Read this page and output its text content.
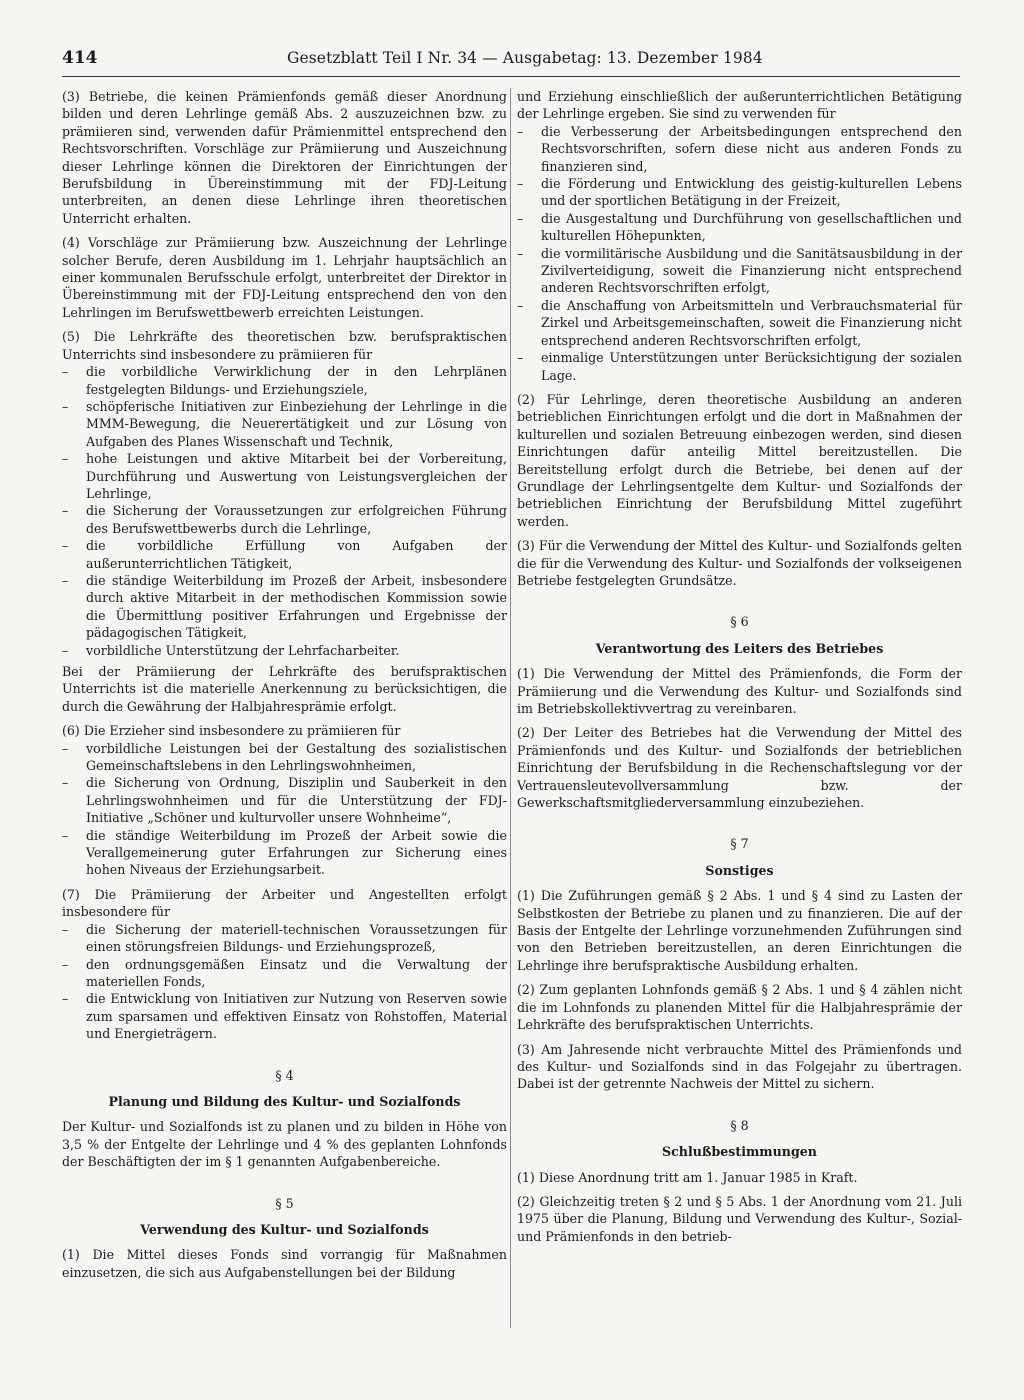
414	Gesetzblatt Teil I Nr. 34 — Ausgabetag: 13. Dezember 1984

(3) Betriebe, die keinen Prämienfonds gemäß dieser Anordnung bilden und deren Lehrlinge gemäß Abs. 2 auszuzeichnen bzw. zu prämiieren sind, verwenden dafür Prämienmittel entsprechend den Rechtsvorschriften. Vorschläge zur Prämiierung und Auszeichnung dieser Lehrlinge können die Direktoren der Einrichtungen der Berufsbildung in Übereinstimmung mit der FDJ-Leitung unterbreiten, an denen diese Lehrlinge ihren theoretischen Unterricht erhalten.

(4) Vorschläge zur Prämiierung bzw. Auszeichnung der Lehrlinge solcher Berufe, deren Ausbildung im 1. Lehrjahr hauptsächlich an einer kommunalen Berufsschule erfolgt, unterbreitet der Direktor in Übereinstimmung mit der FDJ-Leitung entsprechend den von den Lehrlingen im Berufswettbewerb erreichten Leistungen.

(5) Die Lehrkräfte des theoretischen bzw. berufspraktischen Unterrichts sind insbesondere zu prämiieren für

– die vorbildliche Verwirklichung der in den Lehrplänen festgelegten Bildungs- und Erziehungsziele,
– schöpferische Initiativen zur Einbeziehung der Lehrlinge in die MMM-Bewegung, die Neuerertätigkeit und zur Lösung von Aufgaben des Planes Wissenschaft und Technik,
– hohe Leistungen und aktive Mitarbeit bei der Vorbereitung, Durchführung und Auswertung von Leistungsvergleichen der Lehrlinge,
– die Sicherung der Voraussetzungen zur erfolgreichen Führung des Berufswettbewerbs durch die Lehrlinge,
– die vorbildliche Erfüllung von Aufgaben der außerunterrichtlichen Tätigkeit,
– die ständige Weiterbildung im Prozeß der Arbeit, insbesondere durch aktive Mitarbeit in der methodischen Kommission sowie die Übermittlung positiver Erfahrungen und Ergebnisse der pädagogischen Tätigkeit,
– vorbildliche Unterstützung der Lehrfacharbeiter.

Bei der Prämiierung der Lehrkräfte des berufspraktischen Unterrichts ist die materielle Anerkennung zu berücksichtigen, die durch die Gewährung der Halbjahresprämie erfolgt.

(6) Die Erzieher sind insbesondere zu prämiieren für

– vorbildliche Leistungen bei der Gestaltung des sozialistischen Gemeinschaftslebens in den Lehrlingswohnheimen,
– die Sicherung von Ordnung, Disziplin und Sauberkeit in den Lehrlingswohnheimen und für die Unterstützung der FDJ-Initiative „Schöner und kulturvoller unsere Wohnheime“,
– die ständige Weiterbildung im Prozeß der Arbeit sowie die Verallgemeinerung guter Erfahrungen zur Sicherung eines hohen Niveaus der Erziehungsarbeit.

(7) Die Prämiierung der Arbeiter und Angestellten erfolgt insbesondere für

– die Sicherung der materiell-technischen Voraussetzungen für einen störungsfreien Bildungs- und Erziehungsprozeß,
– den ordnungsgemäßen Einsatz und die Verwaltung der materiellen Fonds,
– die Entwicklung von Initiativen zur Nutzung von Reserven sowie zum sparsamen und effektiven Einsatz von Rohstoffen, Material und Energieträgern.
§ 4
Planung und Bildung des Kultur- und Sozialfonds

Der Kultur- und Sozialfonds ist zu planen und zu bilden in Höhe von 3,5 % der Entgelte der Lehrlinge und 4 % des geplanten Lohnfonds der Beschäftigten der im § 1 genannten Aufgabenbereiche.

§ 5
Verwendung des Kultur- und Sozialfonds

(1) Die Mittel dieses Fonds sind vorrangig für Maßnahmen einzusetzen, die sich aus Aufgabenstellungen bei der Bildung

und Erziehung einschließlich der außerunterrichtlichen Betätigung der Lehrlinge ergeben. Sie sind zu verwenden für

– die Verbesserung der Arbeitsbedingungen entsprechend den Rechtsvorschriften, sofern diese nicht aus anderen Fonds zu finanzieren sind,
– die Förderung und Entwicklung des geistig-kulturellen Lebens und der sportlichen Betätigung in der Freizeit,
– die Ausgestaltung und Durchführung von gesellschaftlichen und kulturellen Höhepunkten,
– die vormilitärische Ausbildung und die Sanitätsausbildung in der Zivilverteidigung, soweit die Finanzierung nicht entsprechend anderen Rechtsvorschriften erfolgt,
– die Anschaffung von Arbeitsmitteln und Verbrauchsmaterial für Zirkel und Arbeitsgemeinschaften, soweit die Finanzierung nicht entsprechend anderen Rechtsvorschriften erfolgt,
– einmalige Unterstützungen unter Berücksichtigung der sozialen Lage.

(2) Für Lehrlinge, deren theoretische Ausbildung an anderen betrieblichen Einrichtungen erfolgt und die dort in Maßnahmen der kulturellen und sozialen Betreuung einbezogen werden, sind diesen Einrichtungen dafür anteilig Mittel bereitzustellen. Die Bereitstellung erfolgt durch die Betriebe, bei denen auf der Grundlage der Lehrlingsentgelte dem Kultur- und Sozialfonds der betrieblichen Einrichtung der Berufsbildung Mittel zugeführt werden.

(3) Für die Verwendung der Mittel des Kultur- und Sozialfonds gelten die für die Verwendung des Kultur- und Sozialfonds der volkseigenen Betriebe festgelegten Grundsätze.

§ 6
Verantwortung des Leiters des Betriebes

(1) Die Verwendung der Mittel des Prämienfonds, die Form der Prämiierung und die Verwendung des Kultur- und Sozialfonds sind im Betriebskollektivvertrag zu vereinbaren.

(2) Der Leiter des Betriebes hat die Verwendung der Mittel des Prämienfonds und des Kultur- und Sozialfonds der betrieblichen Einrichtung der Berufsbildung in die Rechenschaftslegung vor der Vertrauensleutevollversammlung bzw. der Gewerkschaftsmitgliederversammlung einzubeziehen.

§ 7
Sonstiges

(1) Die Zuführungen gemäß § 2 Abs. 1 und § 4 sind zu Lasten der Selbstkosten der Betriebe zu planen und zu finanzieren. Die auf der Basis der Entgelte der Lehrlinge vorzunehmenden Zuführungen sind von den Betrieben bereitzustellen, an deren Einrichtungen die Lehrlinge ihre berufspraktische Ausbildung erhalten.

(2) Zum geplanten Lohnfonds gemäß § 2 Abs. 1 und § 4 zählen nicht die im Lohnfonds zu planenden Mittel für die Halbjahresprämie der Lehrkräfte des berufspraktischen Unterrichts.

(3) Am Jahresende nicht verbrauchte Mittel des Prämienfonds und des Kultur- und Sozialfonds sind in das Folgejahr zu übertragen. Dabei ist der getrennte Nachweis der Mittel zu sichern.

§ 8
Schlußbestimmungen

(1) Diese Anordnung tritt am 1. Januar 1985 in Kraft.

(2) Gleichzeitig treten § 2 und § 5 Abs. 1 der Anordnung vom 21. Juli 1975 über die Planung, Bildung und Verwendung des Kultur-, Sozial- und Prämienfonds in den betrieb-
